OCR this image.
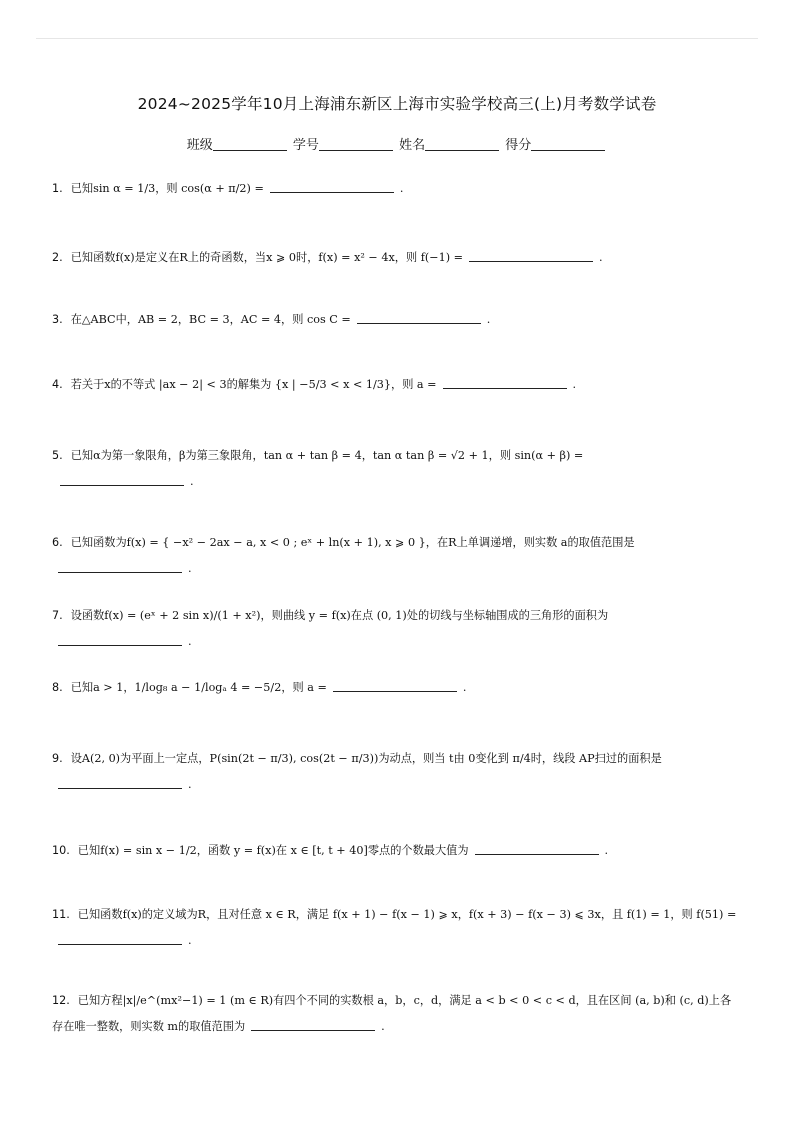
2024~2025学年10月上海浦东新区上海市实验学校高三(上)月考数学试卷
班级	学号	姓名	得分
1. 已知sin α = 1/3，则 cos(α + π/2) =	.
2. 已知函数f(x)是定义在R上的奇函数，当x ⩾ 0时，f(x) = x² − 4x，则 f(−1) =	.
3. 在△ABC中，AB = 2，BC = 3，AC = 4，则 cos C =	.
4. 若关于x的不等式 |ax − 2| < 3的解集为 {x | −5/3 < x < 1/3}，则 a =	.
5. 已知α为第一象限角，β为第三象限角，tan α + tan β = 4，tan α tan β = √2 + 1，则 sin(α + β) =
.
6. 已知函数为f(x) = { −x² − 2ax − a, x < 0 ; eˣ + ln(x + 1), x ⩾ 0 }，在R上单调递增，则实数 a的取值范围是.
7. 设函数f(x) = (eˣ + 2 sin x)/(1 + x²)，则曲线 y = f(x)在点 (0, 1)处的切线与坐标轴围成的三角形的面积为.
8. 已知a > 1，1/log₈ a − 1/logₐ 4 = −5/2，则 a =	.
9. 设A(2, 0)为平面上一定点，P(sin(2t − π/3), cos(2t − π/3))为动点，则当 t由 0变化到 π/4时，线段 AP扫过的面积是.
10. 已知f(x) = sin x − 1/2，函数 y = f(x)在 x ∈ [t, t + 40]零点的个数最大值为	.
11. 已知函数f(x)的定义域为R，且对任意 x ∈ R，满足 f(x + 1) − f(x − 1) ⩾ x，f(x + 3) − f(x − 3) ⩽ 3x，且 f(1) = 1，则 f(51) =.
12. 已知方程|x|/e^(mx²−1) = 1 (m ∈ R)有四个不同的实数根 a，b，c，d，满足 a < b < 0 < c < d，且在区间 (a, b)和 (c, d)上各存在唯一整数，则实数 m的取值范围为	.
